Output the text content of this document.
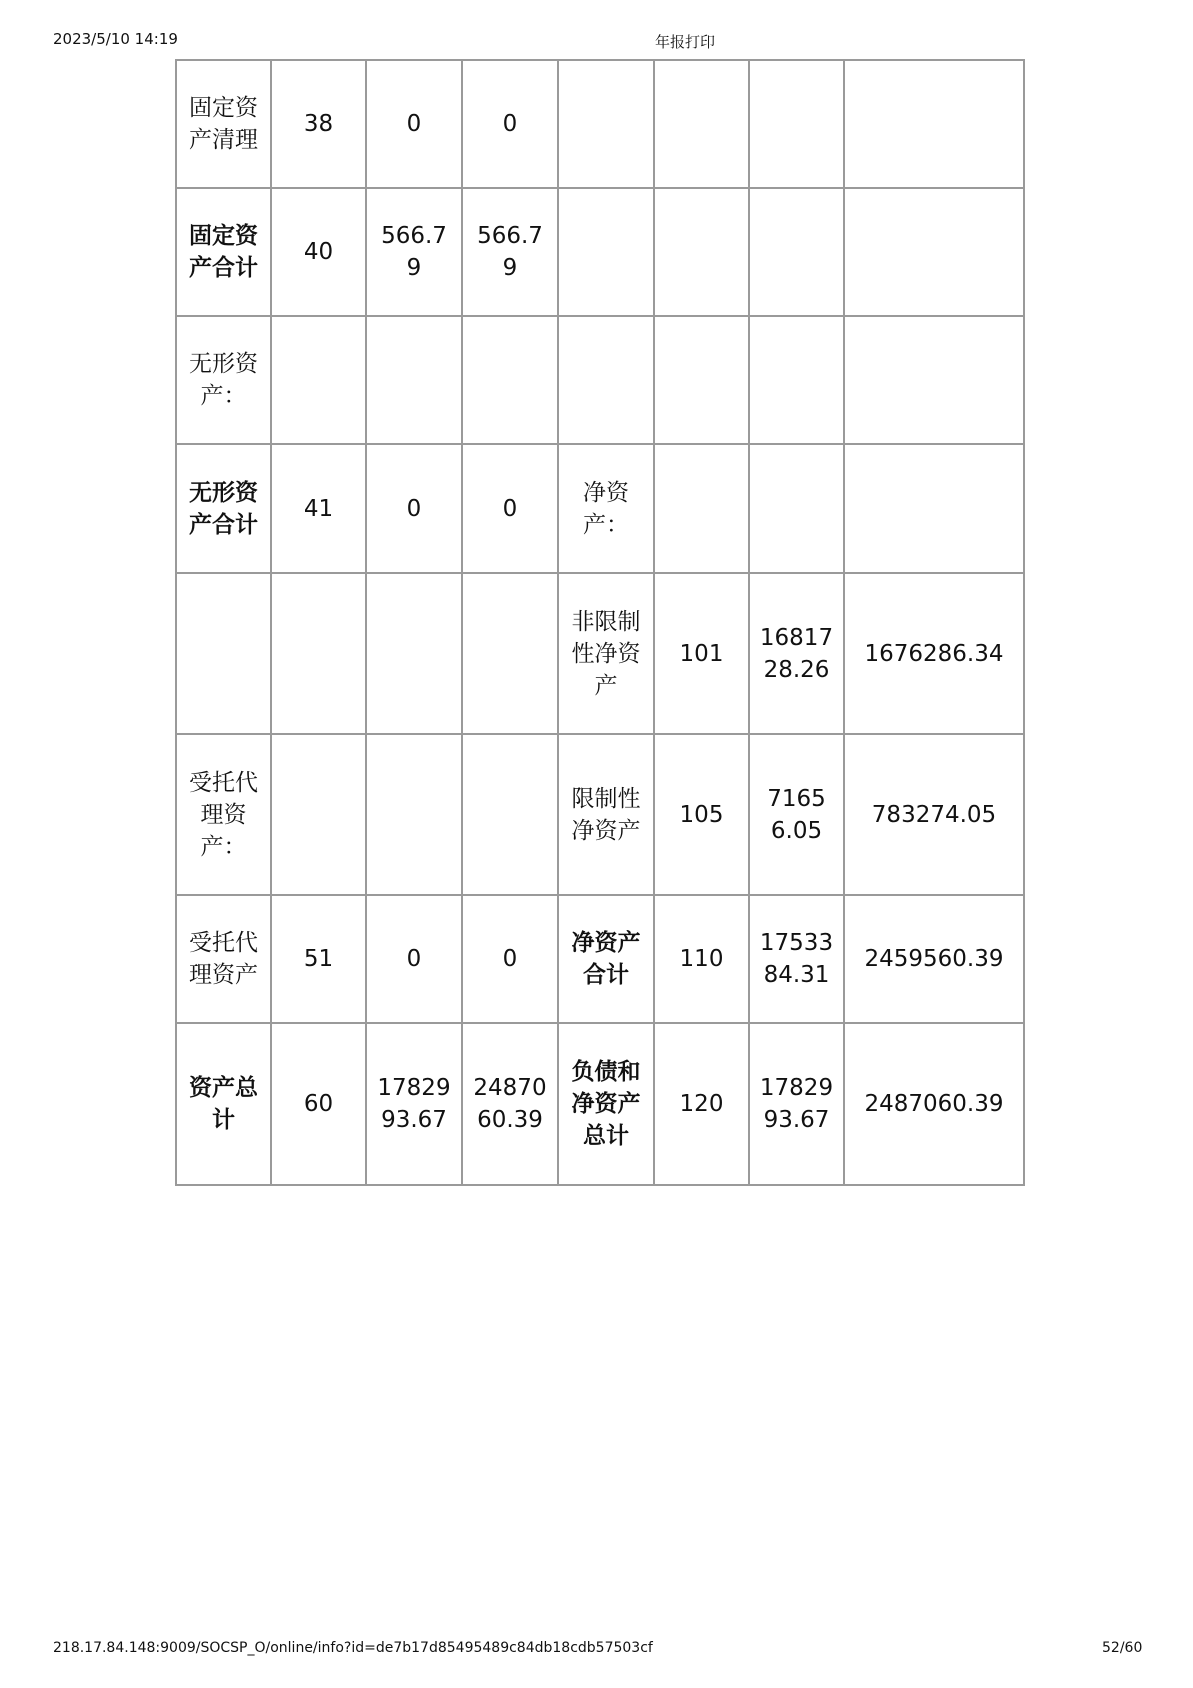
2023/5/10 14:19	年报打印
固定资产清理	38	0	0				
固定资产合计	40	566.79	566.79				
无形资产：							
无形资产合计	41	0	0	净资产：			
				非限制性净资产	101	1681728.26	1676286.34
受托代理资产：				限制性净资产	105	71656.05	783274.05
受托代理资产	51	0	0	净资产合计	110	1753384.31	2459560.39
资产总计	60	1782993.67	2487060.39	负债和净资产总计	120	1782993.67	2487060.39
218.17.84.148:9009/SOCSP_O/online/info?id=de7b17d85495489c84db18cdb57503cf	52/60
